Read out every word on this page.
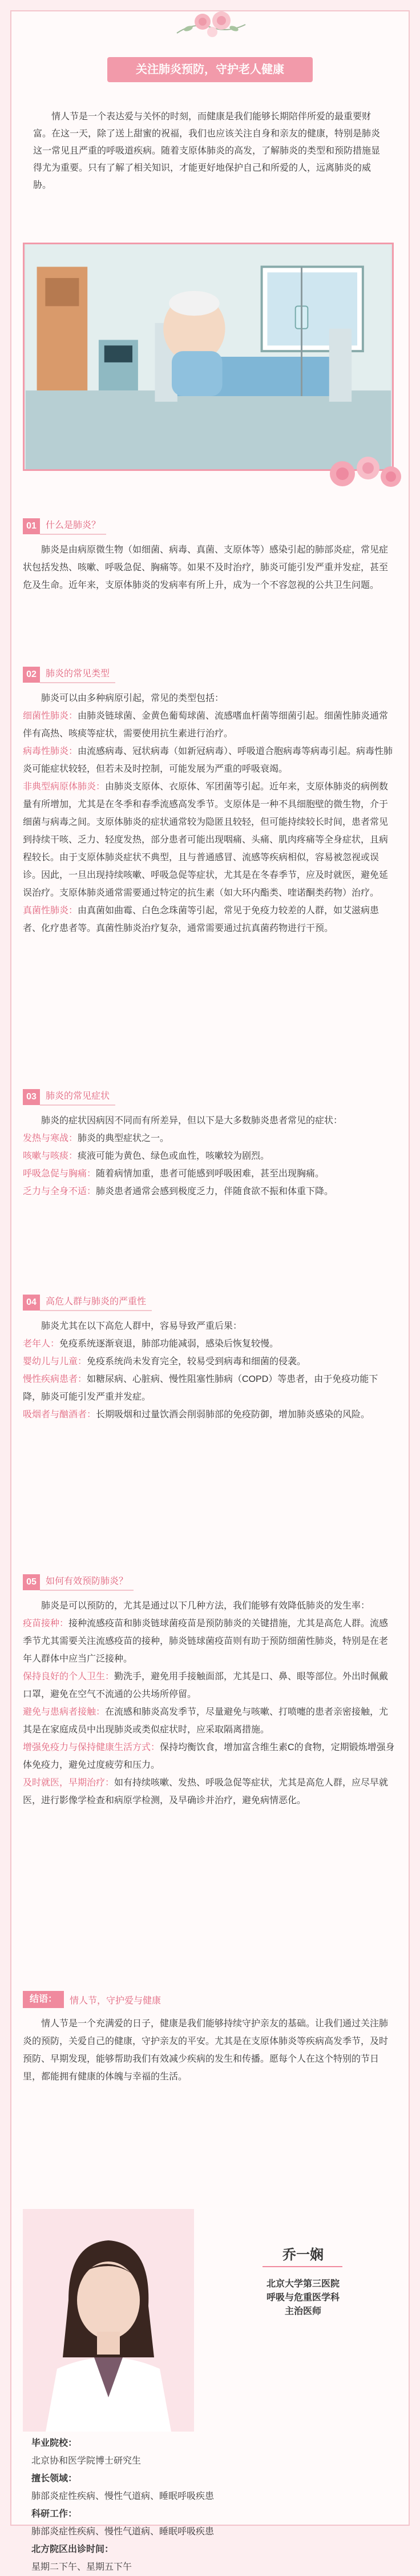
关注肺炎预防，守护老人健康

情人节是一个表达爱与关怀的时刻，而健康是我们能够长期陪伴所爱的最重要财富。在这一天，除了送上甜蜜的祝福，我们也应该关注自身和亲友的健康，特别是肺炎这一常见且严重的呼吸道疾病。随着支原体肺炎的高发，了解肺炎的类型和预防措施显得尤为重要。只有了解了相关知识，才能更好地保护自己和所爱的人，远离肺炎的威胁。

01	什么是肺炎？

肺炎是由病原微生物（如细菌、病毒、真菌、支原体等）感染引起的肺部炎症，常见症状包括发热、咳嗽、呼吸急促、胸痛等。如果不及时治疗，肺炎可能引发严重并发症，甚至危及生命。近年来，支原体肺炎的发病率有所上升，成为一个不容忽视的公共卫生问题。

02	肺炎的常见类型

肺炎可以由多种病原引起，常见的类型包括：

细菌性肺炎：由肺炎链球菌、金黄色葡萄球菌、流感嗜血杆菌等细菌引起。细菌性肺炎通常伴有高热、咳痰等症状，需要使用抗生素进行治疗。

病毒性肺炎：由流感病毒、冠状病毒（如新冠病毒）、呼吸道合胞病毒等病毒引起。病毒性肺炎可能症状较轻，但若未及时控制，可能发展为严重的呼吸衰竭。

非典型病原体肺炎：由肺炎支原体、衣原体、军团菌等引起。近年来，支原体肺炎的病例数量有所增加，尤其是在冬季和春季流感高发季节。支原体是一种不具细胞壁的微生物，介于细菌与病毒之间。支原体肺炎的症状通常较为隐匿且较轻，但可能持续较长时间，患者常见到持续干咳、乏力、轻度发热，部分患者可能出现咽痛、头痛、肌肉疼痛等全身症状，且病程较长。由于支原体肺炎症状不典型，且与普通感冒、流感等疾病相似，容易被忽视或误诊。因此，一旦出现持续咳嗽、呼吸急促等症状，尤其是在冬春季节，应及时就医，避免延误治疗。支原体肺炎通常需要通过特定的抗生素（如大环内酯类、喹诺酮类药物）治疗。

真菌性肺炎：由真菌如曲霉、白色念珠菌等引起，常见于免疫力较差的人群，如艾滋病患者、化疗患者等。真菌性肺炎治疗复杂，通常需要通过抗真菌药物进行干预。

03	肺炎的常见症状

肺炎的症状因病因不同而有所差异，但以下是大多数肺炎患者常见的症状：

发热与寒战：肺炎的典型症状之一。

咳嗽与咳痰：痰液可能为黄色、绿色或血性，咳嗽较为剧烈。

呼吸急促与胸痛：随着病情加重，患者可能感到呼吸困难，甚至出现胸痛。

乏力与全身不适：肺炎患者通常会感到极度乏力，伴随食欲不振和体重下降。

04	高危人群与肺炎的严重性

肺炎尤其在以下高危人群中，容易导致严重后果：

老年人：免疫系统逐渐衰退，肺部功能减弱，感染后恢复较慢。

婴幼儿与儿童：免疫系统尚未发育完全，较易受到病毒和细菌的侵袭。

慢性疾病患者：如糖尿病、心脏病、慢性阻塞性肺病（COPD）等患者，由于免疫功能下降，肺炎可能引发严重并发症。

吸烟者与酗酒者：长期吸烟和过量饮酒会削弱肺部的免疫防御，增加肺炎感染的风险。

05	如何有效预防肺炎？

肺炎是可以预防的，尤其是通过以下几种方法，我们能够有效降低肺炎的发生率：

疫苗接种：接种流感疫苗和肺炎链球菌疫苗是预防肺炎的关键措施，尤其是高危人群。流感季节尤其需要关注流感疫苗的接种，肺炎链球菌疫苗则有助于预防细菌性肺炎，特别是在老年人群体中应当广泛接种。

保持良好的个人卫生：勤洗手，避免用手接触面部，尤其是口、鼻、眼等部位。外出时佩戴口罩，避免在空气不流通的公共场所停留。

避免与患病者接触：在流感和肺炎高发季节，尽量避免与咳嗽、打喷嚏的患者亲密接触，尤其是在家庭成员中出现肺炎或类似症状时，应采取隔离措施。

增强免疫力与保持健康生活方式：保持均衡饮食，增加富含维生素C的食物，定期锻炼增强身体免疫力，避免过度疲劳和压力。

及时就医，早期治疗：如有持续咳嗽、发热、呼吸急促等症状，尤其是高危人群，应尽早就医，进行影像学检查和病原学检测，及早确诊并治疗，避免病情恶化。

结语：	情人节，守护爱与健康

情人节是一个充满爱的日子，健康是我们能够持续守护亲友的基础。让我们通过关注肺炎的预防，关爱自己的健康，守护亲友的平安。尤其是在支原体肺炎等疾病高发季节，及时预防、早期发现，能够帮助我们有效减少疾病的发生和传播。愿每个人在这个特别的节日里，都能拥有健康的体魄与幸福的生活。

乔一娴
北京大学第三医院
呼吸与危重医学科
主治医师
毕业院校：
北京协和医学院博士研究生
擅长领域：
肺部炎症性疾病、慢性气道病、睡眠呼吸疾患
科研工作：
肺部炎症性疾病、慢性气道病、睡眠呼吸疾患
北方院区出诊时间：
星期二下午、星期五下午
